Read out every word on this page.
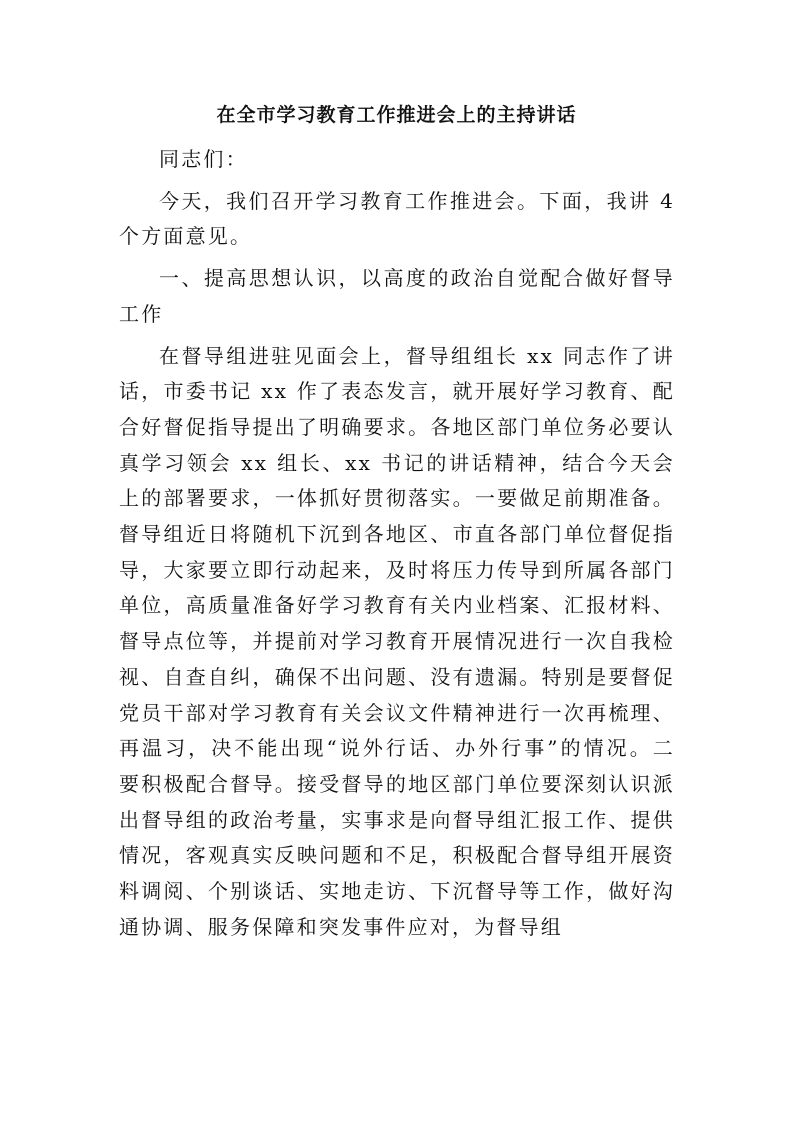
在全市学习教育工作推进会上的主持讲话

同志们：

今天，我们召开学习教育工作推进会。下面，我讲 4 个方面意见。

一、提高思想认识，以高度的政治自觉配合做好督导工作

在督导组进驻见面会上，督导组组长 xx 同志作了讲话，市委书记 xx 作了表态发言，就开展好学习教育、配合好督促指导提出了明确要求。各地区部门单位务必要认真学习领会 xx 组长、xx 书记的讲话精神，结合今天会上的部署要求，一体抓好贯彻落实。一要做足前期准备。督导组近日将随机下沉到各地区、市直各部门单位督促指导，大家要立即行动起来，及时将压力传导到所属各部门单位，高质量准备好学习教育有关内业档案、汇报材料、督导点位等，并提前对学习教育开展情况进行一次自我检视、自查自纠，确保不出问题、没有遗漏。特别是要督促党员干部对学习教育有关会议文件精神进行一次再梳理、再温习，决不能出现“说外行话、办外行事”的情况。二要积极配合督导。接受督导的地区部门单位要深刻认识派出督导组的政治考量，实事求是向督导组汇报工作、提供情况，客观真实反映问题和不足，积极配合督导组开展资料调阅、个别谈话、实地走访、下沉督导等工作，做好沟通协调、服务保障和突发事件应对，为督导组
